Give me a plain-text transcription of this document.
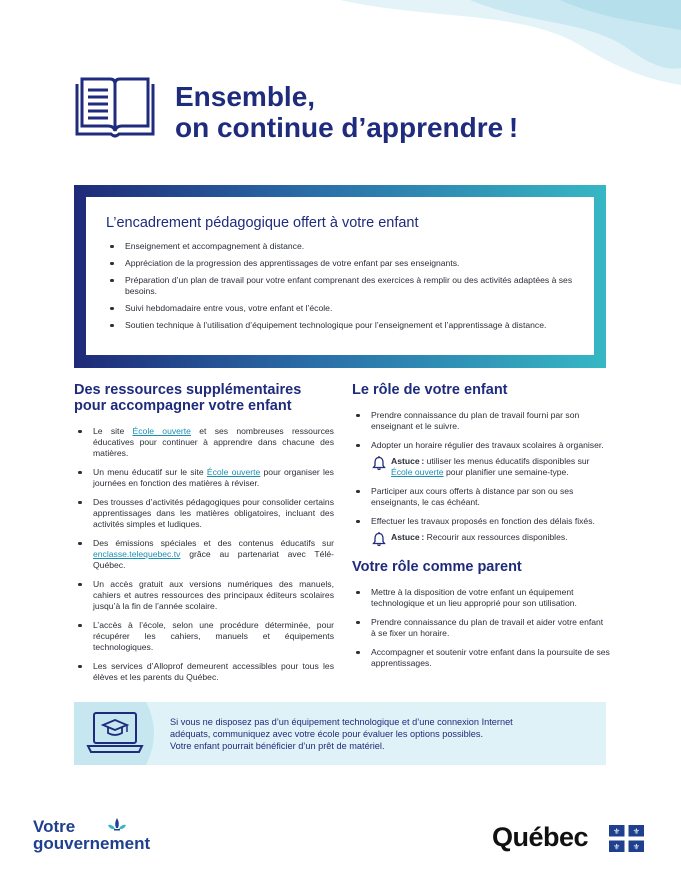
Ensemble,
on continue d’apprendre !
L’encadrement pédagogique offert à votre enfant
Enseignement et accompagnement à distance.
Appréciation de la progression des apprentissages de votre enfant par ses enseignants.
Préparation d’un plan de travail pour votre enfant comprenant des exercices à remplir ou des activités adaptées à ses besoins.
Suivi hebdomadaire entre vous, votre enfant et l’école.
Soutien technique à l’utilisation d’équipement technologique pour l’enseignement et l’apprentissage à distance.
Des ressources supplémentaires
pour accompagner votre enfant
Le site École ouverte et ses nombreuses ressources éducatives pour continuer à apprendre dans chacune des matières.
Un menu éducatif sur le site École ouverte pour organiser les journées en fonction des matières à réviser.
Des trousses d’activités pédagogiques pour consolider certains apprentissages dans les matières obligatoires, incluant des activités simples et ludiques.
Des émissions spéciales et des contenus éducatifs sur enclasse.telequebec.tv grâce au partenariat avec Télé-Québec.
Un accès gratuit aux versions numériques des manuels, cahiers et autres ressources des principaux éditeurs scolaires jusqu’à la fin de l’année scolaire.
L’accès à l’école, selon une procédure déterminée, pour récupérer les cahiers, manuels et équipements technologiques.
Les services d’Alloprof demeurent accessibles pour tous les élèves et les parents du Québec.
Le rôle de votre enfant
Prendre connaissance du plan de travail fourni par son enseignant et le suivre.
Adopter un horaire régulier des travaux scolaires à organiser.
Astuce : utiliser les menus éducatifs disponibles sur École ouverte pour planifier une semaine-type.
Participer aux cours offerts à distance par son ou ses enseignants, le cas échéant.
Effectuer les travaux proposés en fonction des délais fixés.
Astuce : Recourir aux ressources disponibles.
Votre rôle comme parent
Mettre à la disposition de votre enfant un équipement technologique et un lieu approprié pour son utilisation.
Prendre connaissance du plan de travail et aider votre enfant à se fixer un horaire.
Accompagner et soutenir votre enfant dans la poursuite de ses apprentissages.
Si vous ne disposez pas d’un équipement technologique et d’une connexion Internet
adéquats, communiquez avec votre école pour évaluer les options possibles.
Votre enfant pourrait bénéficier d’un prêt de matériel.
Votre
gouvernement	Québec	⚜ ⚜
⚜ ⚜
